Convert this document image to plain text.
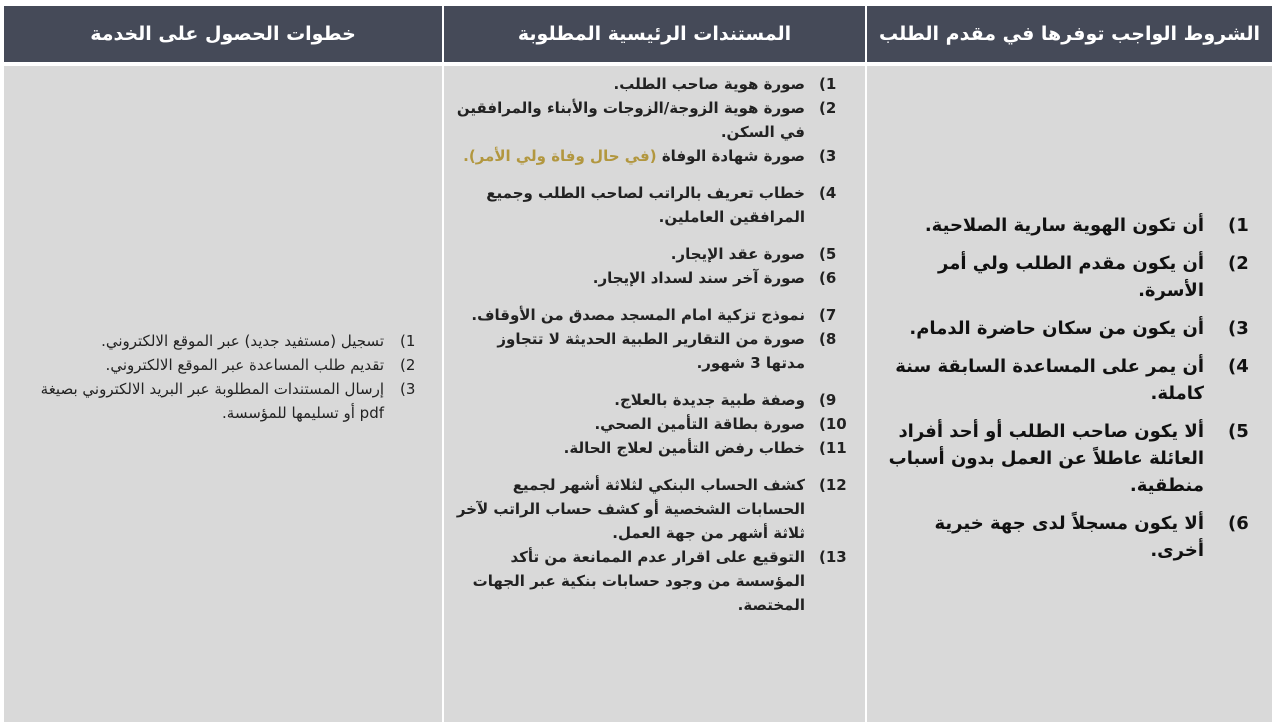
الشروط الواجب توفرها في مقدم الطلب
المستندات الرئيسية المطلوبة
خطوات الحصول على الخدمة
1)
أن تكون الهوية سارية الصلاحية.
2)
أن يكون مقدم الطلب ولي أمر الأسرة.
3)
أن يكون من سكان حاضرة الدمام.
4)
أن يمر على المساعدة السابقة سنة كاملة.
5)
ألا يكون صاحب الطلب أو أحد أفراد العائلة عاطلاً عن العمل بدون أسباب منطقية.
6)
ألا يكون مسجلاً لدى جهة خيرية أخرى.
1)
صورة هوية صاحب الطلب.
2)
صورة هوية الزوجة/الزوجات والأبناء والمرافقين في السكن.
3)
صورة شهادة الوفاة (في حال وفاة ولي الأمر).
4)
خطاب تعريف بالراتب لصاحب الطلب وجميع المرافقين العاملين.
5)
صورة عقد الإيجار.
6)
صورة آخر سند لسداد الإيجار.
7)
نموذج تزكية امام المسجد مصدق من الأوقاف.
8)
صورة من التقارير الطبية الحديثة لا تتجاوز مدتها 3 شهور.
9)
وصفة طبية جديدة بالعلاج.
10)
صورة بطاقة التأمين الصحي.
11)
خطاب رفض التأمين لعلاج الحالة.
12)
كشف الحساب البنكي لثلاثة أشهر لجميع الحسابات الشخصية أو كشف حساب الراتب لآخر ثلاثة أشهر من جهة العمل.
13)
التوقيع على اقرار عدم الممانعة من تأكد المؤسسة من وجود حسابات بنكية عبر الجهات المختصة.
1)
تسجيل (مستفيد جديد) عبر الموقع الالكتروني.
2)
تقديم طلب المساعدة عبر الموقع الالكتروني.
3)
إرسال المستندات المطلوبة عبر البريد الالكتروني بصيغة pdf أو تسليمها للمؤسسة.
